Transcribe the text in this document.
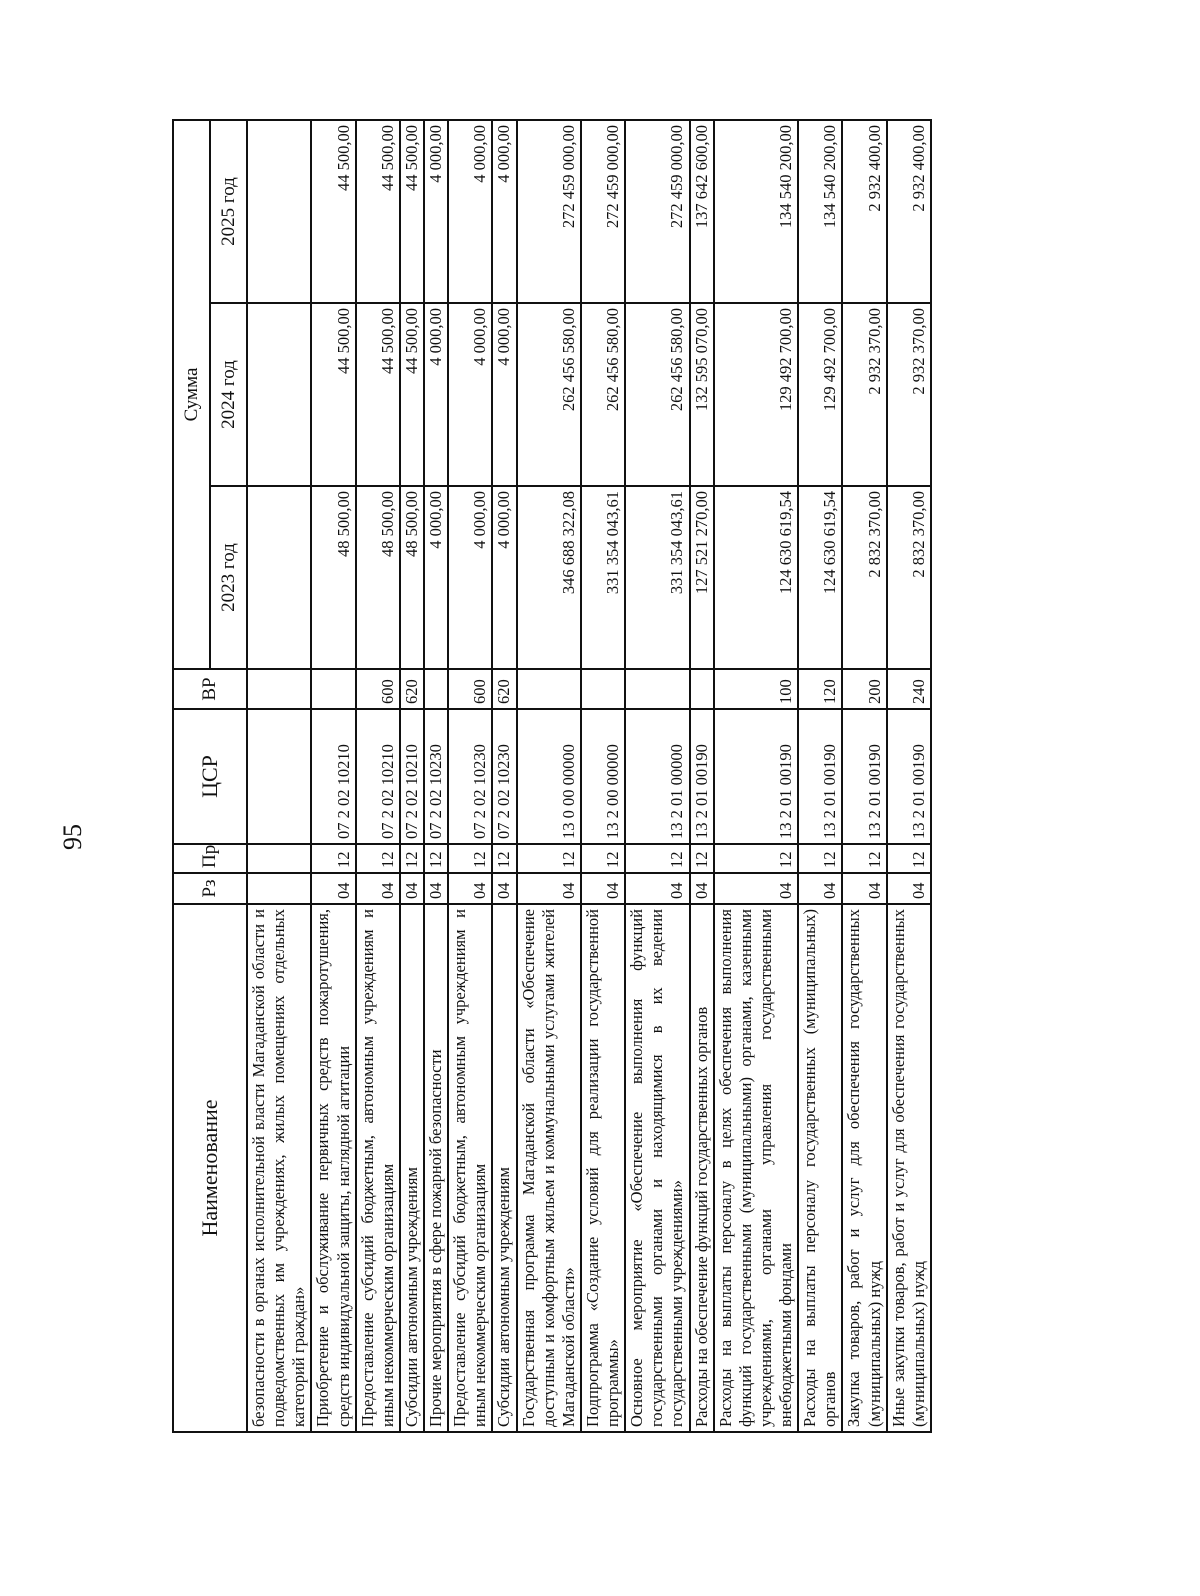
95
Наименование	Рз	Пр	ЦСР	ВР	Сумма		
					2023 год	2024 год	2025 год
безопасности в органах исполнительной власти Магаданской области и подведомственных им учреждениях, жилых помещениях отдельных категорий граждан»							
Приобретение и обслуживание первичных средств пожаротушения, средств индивидуальной защиты, наглядной агитации	04	12	07 2 02 10210		48 500,00	44 500,00	44 500,00
Предоставление субсидий бюджетным, автономным учреждениям и иным некоммерческим организациям	04	12	07 2 02 10210	600	48 500,00	44 500,00	44 500,00
Субсидии автономным учреждениям	04	12	07 2 02 10210	620	48 500,00	44 500,00	44 500,00
Прочие мероприятия в сфере пожарной безопасности	04	12	07 2 02 10230		4 000,00	4 000,00	4 000,00
Предоставление субсидий бюджетным, автономным учреждениям и иным некоммерческим организациям	04	12	07 2 02 10230	600	4 000,00	4 000,00	4 000,00
Субсидии автономным учреждениям	04	12	07 2 02 10230	620	4 000,00	4 000,00	4 000,00
Государственная программа Магаданской области «Обеспечение доступным и комфортным жильем и коммунальными услугами жителей Магаданской области»	04	12	13 0 00 00000		346 688 322,08	262 456 580,00	272 459 000,00
Подпрограмма «Создание условий для реализации государственной программы»	04	12	13 2 00 00000		331 354 043,61	262 456 580,00	272 459 000,00
Основное мероприятие «Обеспечение выполнения функций государственными органами и находящимися в их ведении государственными учреждениями»	04	12	13 2 01 00000		331 354 043,61	262 456 580,00	272 459 000,00
Расходы на обеспечение функций государственных органов	04	12	13 2 01 00190		127 521 270,00	132 595 070,00	137 642 600,00
Расходы на выплаты персоналу в целях обеспечения выполнения функций государственными (муниципальными) органами, казенными учреждениями, органами управления государственными внебюджетными фондами	04	12	13 2 01 00190	100	124 630 619,54	129 492 700,00	134 540 200,00
Расходы на выплаты персоналу государственных (муниципальных) органов	04	12	13 2 01 00190	120	124 630 619,54	129 492 700,00	134 540 200,00
Закупка товаров, работ и услуг для обеспечения государственных (муниципальных) нужд	04	12	13 2 01 00190	200	2 832 370,00	2 932 370,00	2 932 400,00
Иные закупки товаров, работ и услуг для обеспечения государственных (муниципальных) нужд	04	12	13 2 01 00190	240	2 832 370,00	2 932 370,00	2 932 400,00
